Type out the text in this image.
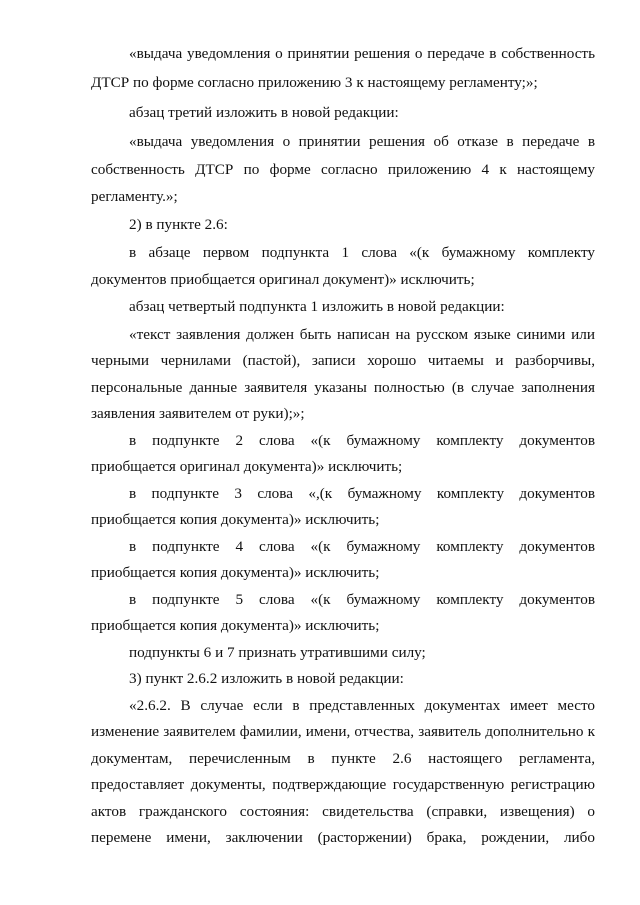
«выдача уведомления о принятии решения о передаче в собственность
ДТСР по форме согласно приложению 3 к настоящему регламенту;»;
абзац третий изложить в новой редакции:
«выдача уведомления о принятии решения об отказе в передаче в
собственность ДТСР по форме согласно приложению 4 к настоящему
регламенту.»;
2) в пункте 2.6:
в абзаце первом подпункта 1 слова «(к бумажному комплекту
документов приобщается оригинал документ)» исключить;
абзац четвертый подпункта 1 изложить в новой редакции:
«текст заявления должен быть написан на русском языке синими или
черными чернилами (пастой), записи хорошо читаемы и разборчивы,
персональные данные заявителя указаны полностью (в случае заполнения
заявления заявителем от руки);»;
в подпункте 2 слова «(к бумажному комплекту документов
приобщается оригинал документа)» исключить;
в подпункте 3 слова «,(к бумажному комплекту документов
приобщается копия документа)» исключить;
в подпункте 4 слова «(к бумажному комплекту документов
приобщается копия документа)» исключить;
в подпункте 5 слова «(к бумажному комплекту документов
приобщается копия документа)» исключить;
подпункты 6 и 7 признать утратившими силу;
3) пункт 2.6.2 изложить в новой редакции:
«2.6.2. В случае если в представленных документах имеет место
изменение заявителем фамилии, имени, отчества, заявитель дополнительно к
документам, перечисленным в пункте 2.6 настоящего регламента,
предоставляет документы, подтверждающие государственную регистрацию
актов гражданского состояния: свидетельства (справки, извещения) о
перемене имени, заключении (расторжении) брака, рождении, либо
